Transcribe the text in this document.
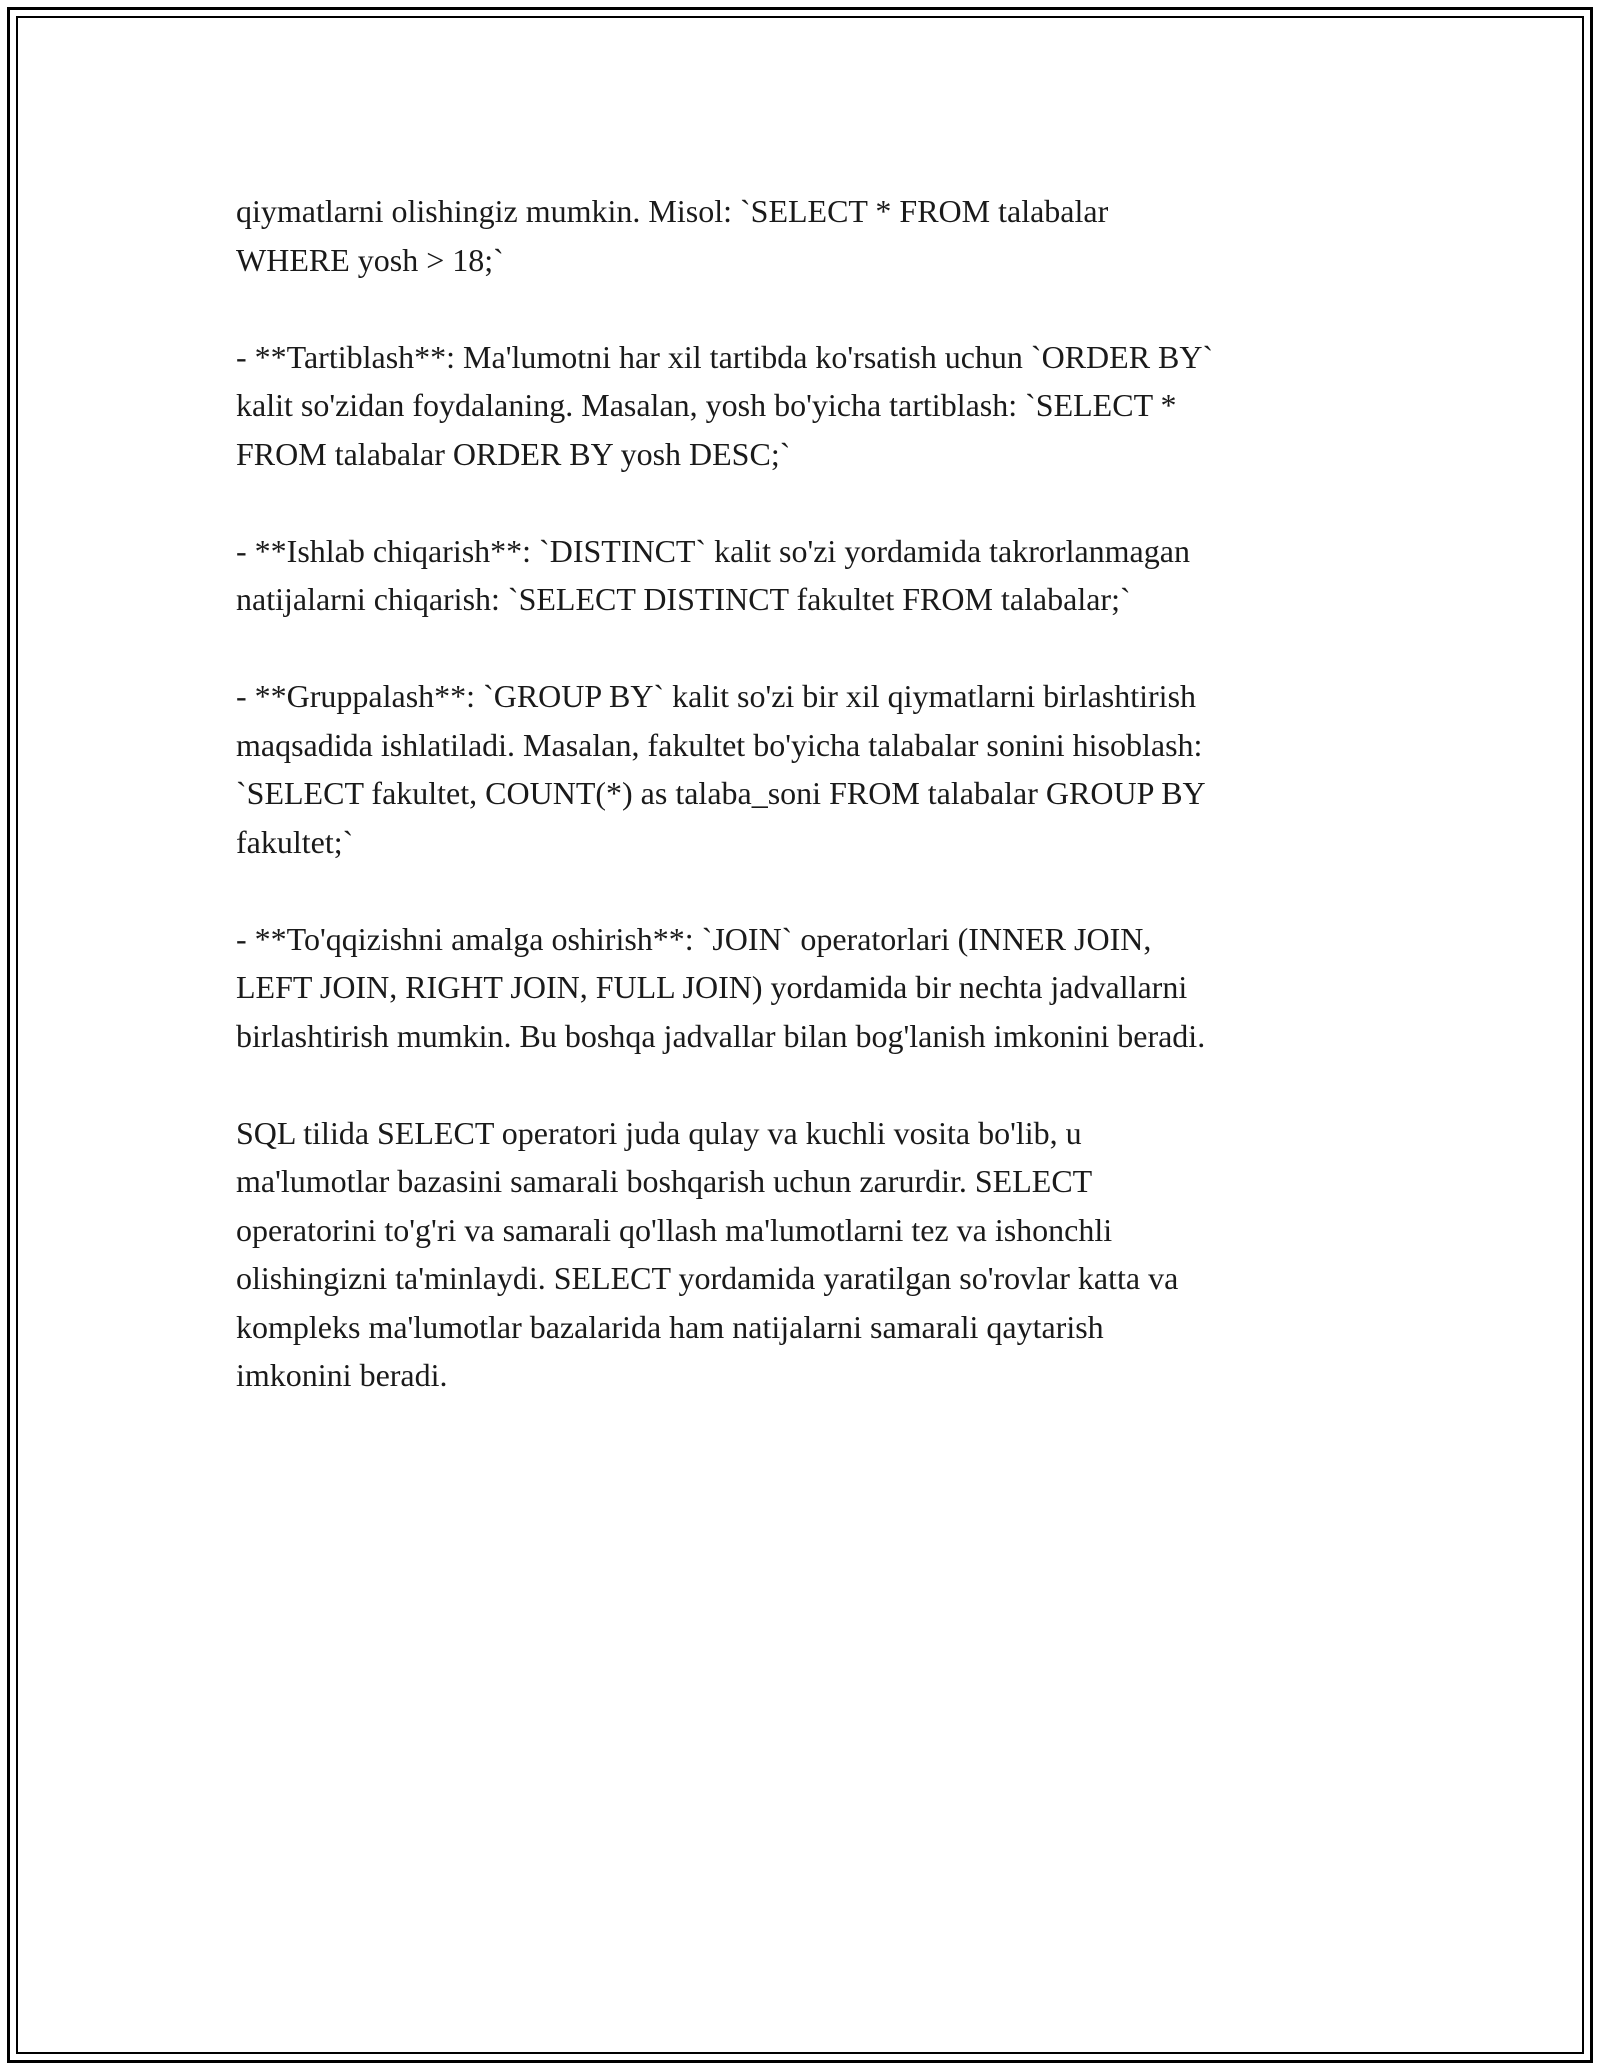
qiymatlarni olishingiz mumkin. Misol: `SELECT * FROM talabalar
WHERE yosh > 18;`

- **Tartiblash**: Ma'lumotni har xil tartibda ko'rsatish uchun `ORDER BY`
kalit so'zidan foydalaning. Masalan, yosh bo'yicha tartiblash: `SELECT *
FROM talabalar ORDER BY yosh DESC;`

- **Ishlab chiqarish**: `DISTINCT` kalit so'zi yordamida takrorlanmagan
natijalarni chiqarish: `SELECT DISTINCT fakultet FROM talabalar;`

- **Gruppalash**: `GROUP BY` kalit so'zi bir xil qiymatlarni birlashtirish
maqsadida ishlatiladi. Masalan, fakultet bo'yicha talabalar sonini hisoblash:
`SELECT fakultet, COUNT(*) as talaba_soni FROM talabalar GROUP BY
fakultet;`

- **To'qqizishni amalga oshirish**: `JOIN` operatorlari (INNER JOIN,
LEFT JOIN, RIGHT JOIN, FULL JOIN) yordamida bir nechta jadvallarni
birlashtirish mumkin. Bu boshqa jadvallar bilan bog'lanish imkonini beradi.

SQL tilida SELECT operatori juda qulay va kuchli vosita bo'lib, u
ma'lumotlar bazasini samarali boshqarish uchun zarurdir. SELECT
operatorini to'g'ri va samarali qo'llash ma'lumotlarni tez va ishonchli
olishingizni ta'minlaydi. SELECT yordamida yaratilgan so'rovlar katta va
kompleks ma'lumotlar bazalarida ham natijalarni samarali qaytarish
imkonini beradi.
